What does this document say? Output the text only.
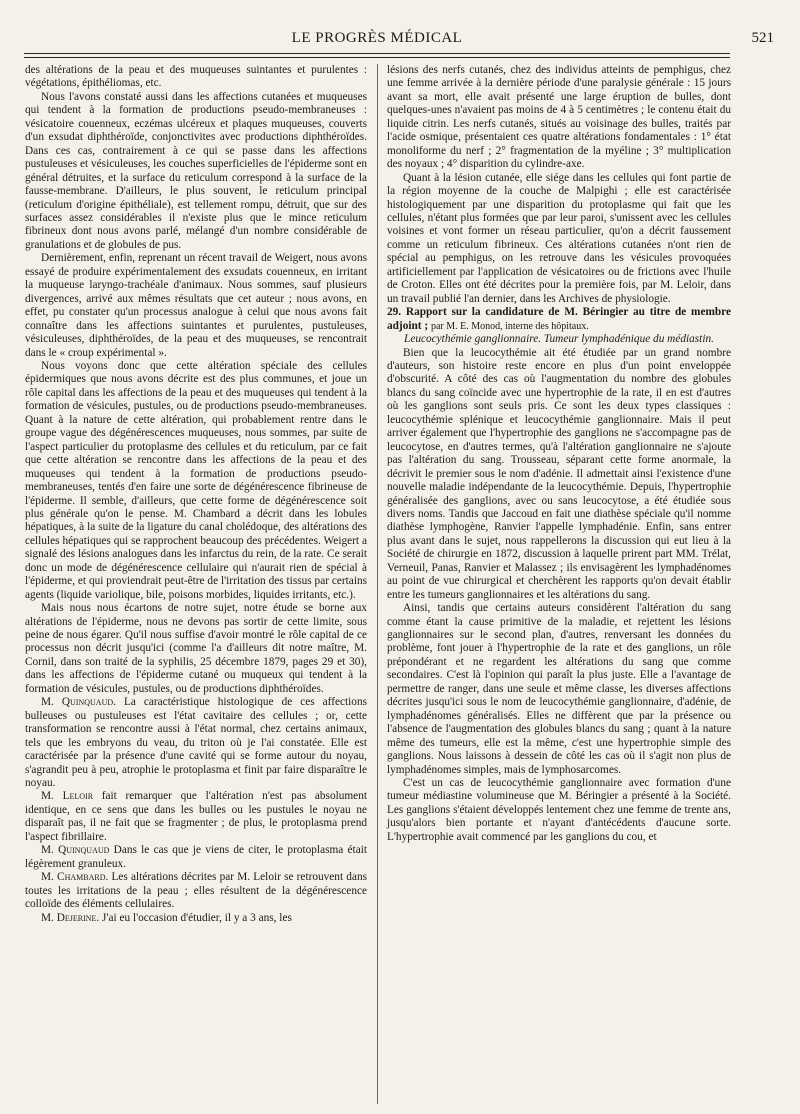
LE PROGRÈS MÉDICAL	521

des altérations de la peau et des muqueuses suintantes et purulentes : végétations, épithéliomas, etc.

Nous l'avons constaté aussi dans les affections cutanées et muqueuses qui tendent à la formation de productions pseudo-membraneuses : vésicatoire couenneux, eczémas ulcéreux et plaques muqueuses, couverts d'un exsudat diphthéroïde, conjonctivites avec productions diphthéroïdes. Dans ces cas, contrairement à ce qui se passe dans les affections pustuleuses et vésiculeuses, les couches superficielles de l'épiderme sont en général détruites, et la surface du reticulum correspond à la surface de la fausse-membrane. D'ailleurs, le plus souvent, le reticulum principal (reticulum d'origine épithéliale), est tellement rompu, détruit, que sur des surfaces assez considérables il n'existe plus que le mince reticulum fibrineux dont nous avons parlé, mélangé d'un nombre considérable de granulations et de globules de pus.

Dernièrement, enfin, reprenant un récent travail de Weigert, nous avons essayé de produire expérimentalement des exsudats couenneux, en irritant la muqueuse laryngo-trachéale d'animaux. Nous sommes, sauf plusieurs divergences, arrivé aux mêmes résultats que cet auteur ; nous avons, en effet, pu constater qu'un processus analogue à celui que nous avons fait connaître dans les affections suintantes et purulentes, pustuleuses, vésiculeuses, diphthéroïdes, de la peau et des muqueuses, se rencontrait dans le « croup expérimental ».

Nous voyons donc que cette altération spéciale des cellules épidermiques que nous avons décrite est des plus communes, et joue un rôle capital dans les affections de la peau et des muqueuses qui tendent à la formation de vésicules, pustules, ou de productions pseudo-membraneuses. Quant à la nature de cette altération, qui probablement rentre dans le groupe vague des dégénérescences muqueuses, nous sommes, par suite de l'aspect particulier du protoplasme des cellules et du reticulum, par ce fait que cette altération se rencontre dans les affections de la peau et des muqueuses qui tendent à la formation de productions pseudo-membraneuses, tentés d'en faire une sorte de dégénérescence fibrineuse de l'épiderme. Il semble, d'ailleurs, que cette forme de dégénérescence soit plus générale qu'on le pense. M. Chambard a décrit dans les lobules hépatiques, à la suite de la ligature du canal cholédoque, des altérations des cellules hépatiques qui se rapprochent beaucoup des précédentes. Weigert a signalé des lésions analogues dans les infarctus du rein, de la rate. Ce serait donc un mode de dégénérescence cellulaire qui n'aurait rien de spécial à l'épiderme, et qui proviendrait peut-être de l'irritation des tissus par certains agents (liquide variolique, bile, poisons morbides, liquides irritants, etc.).

Mais nous nous écartons de notre sujet, notre étude se borne aux altérations de l'épiderme, nous ne devons pas sortir de cette limite, sous peine de nous égarer. Qu'il nous suffise d'avoir montré le rôle capital de ce processus non décrit jusqu'ici (comme l'a d'ailleurs dit notre maître, M. Cornil, dans son traité de la syphilis, 25 décembre 1879, pages 29 et 30), dans les affections de l'épiderme cutané ou muqueux qui tendent à la formation de vésicules, pustules, ou de productions diphthéroïdes.

M. Quinquaud. La caractéristique histologique de ces affections bulleuses ou pustuleuses est l'état cavitaire des cellules ; or, cette transformation se rencontre aussi à l'état normal, chez certains animaux, tels que les embryons du veau, du triton où je l'ai constatée. Elle est caractérisée par la présence d'une cavité qui se forme autour du noyau, s'agrandit peu à peu, atrophie le protoplasma et finit par faire disparaître le noyau.

M. Leloir fait remarquer que l'altération n'est pas absolument identique, en ce sens que dans les bulles ou les pustules le noyau ne disparaît pas, il ne fait que se fragmenter ; de plus, le protoplasma prend l'aspect fibrillaire.

M. Quinquaud Dans le cas que je viens de citer, le protoplasma était légèrement granuleux.

M. Chambard. Les altérations décrites par M. Leloir se retrouvent dans toutes les irritations de la peau ; elles résultent de la dégénérescence colloïde des éléments cellulaires.

M. Dejerine. J'ai eu l'occasion d'étudier, il y a 3 ans, les

lésions des nerfs cutanés, chez des individus atteints de pemphigus, chez une femme arrivée à la dernière période d'une paralysie générale : 15 jours avant sa mort, elle avait présenté une large éruption de bulles, dont quelques-unes n'avaient pas moins de 4 à 5 centimètres ; le contenu était du liquide citrin. Les nerfs cutanés, situés au voisinage des bulles, traités par l'acide osmique, présentaient ces quatre altérations fondamentales : 1° état monoliforme du nerf ; 2° fragmentation de la myéline ; 3° multiplication des noyaux ; 4° disparition du cylindre-axe.

Quant à la lésion cutanée, elle siége dans les cellules qui font partie de la région moyenne de la couche de Malpighi ; elle est caractérisée histologiquement par une disparition du protoplasme qui fait que les cellules, n'étant plus formées que par leur paroi, s'unissent avec les cellules voisines et vont former un réseau particulier, qu'on a décrit faussement comme un reticulum fibrineux. Ces altérations cutanées n'ont rien de spécial au pemphigus, on les retrouve dans les vésicules provoquées artificiellement par l'application de vésicatoires ou de frictions avec l'huile de Croton. Elles ont été décrites pour la première fois, par M. Leloir, dans un travail publié l'an dernier, dans les Archives de physiologie.

29. Rapport sur la candidature de M. Béringier au titre de membre adjoint ; par M. E. Monod, interne des hôpitaux.

Leucocythémie ganglionnaire. Tumeur lymphadénique du médiastin.

Bien que la leucocythémie ait été étudiée par un grand nombre d'auteurs, son histoire reste encore en plus d'un point enveloppée d'obscurité. A côté des cas où l'augmentation du nombre des globules blancs du sang coïncide avec une hypertrophie de la rate, il en est d'autres où les ganglions sont seuls pris. Ce sont les deux types classiques : leucocythémie splénique et leucocythémie ganglionnaire. Mais il peut arriver également que l'hypertrophie des ganglions ne s'accompagne pas de leucocytose, en d'autres termes, qu'à l'altération ganglionnaire ne s'ajoute pas l'altération du sang. Trousseau, séparant cette forme anormale, la décrivit le premier sous le nom d'adénie. Il admettait ainsi l'existence d'une nouvelle maladie indépendante de la leucocythémie. Depuis, l'hypertrophie généralisée des ganglions, avec ou sans leucocytose, a été étudiée sous divers noms. Tandis que Jaccoud en fait une diathèse spéciale qu'il nomme diathèse lymphogène, Ranvier l'appelle lymphadénie. Enfin, sans entrer plus avant dans le sujet, nous rappellerons la discussion qui eut lieu à la Société de chirurgie en 1872, discussion à laquelle prirent part MM. Trélat, Verneuil, Panas, Ranvier et Malassez ; ils envisagèrent les lymphadénomes au point de vue chirurgical et cherchèrent les rapports qu'on devait établir entre les tumeurs ganglionnaires et les altérations du sang.

Ainsi, tandis que certains auteurs considèrent l'altération du sang comme étant la cause primitive de la maladie, et rejettent les lésions ganglionnaires sur le second plan, d'autres, renversant les données du problème, font jouer à l'hypertrophie de la rate et des ganglions, un rôle prépondérant et ne regardent les altérations du sang que comme secondaires. C'est là l'opinion qui paraît la plus juste. Elle a l'avantage de permettre de ranger, dans une seule et même classe, les diverses affections décrites jusqu'ici sous le nom de leucocythémie ganglionnaire, d'adénie, de lymphadénomes généralisés. Elles ne diffèrent que par la présence ou l'absence de l'augmentation des globules blancs du sang ; quant à la nature même des tumeurs, elle est la même, c'est une hypertrophie simple des ganglions. Nous laissons à dessein de côté les cas où il s'agit non plus de lymphadénomes simples, mais de lymphosarcomes.

C'est un cas de leucocythémie ganglionnaire avec formation d'une tumeur médiastine volumineuse que M. Béringier a présenté à la Société. Les ganglions s'étaient développés lentement chez une femme de trente ans, jusqu'alors bien portante et n'ayant d'antécédents d'aucune sorte. L'hypertrophie avait commencé par les ganglions du cou, et
